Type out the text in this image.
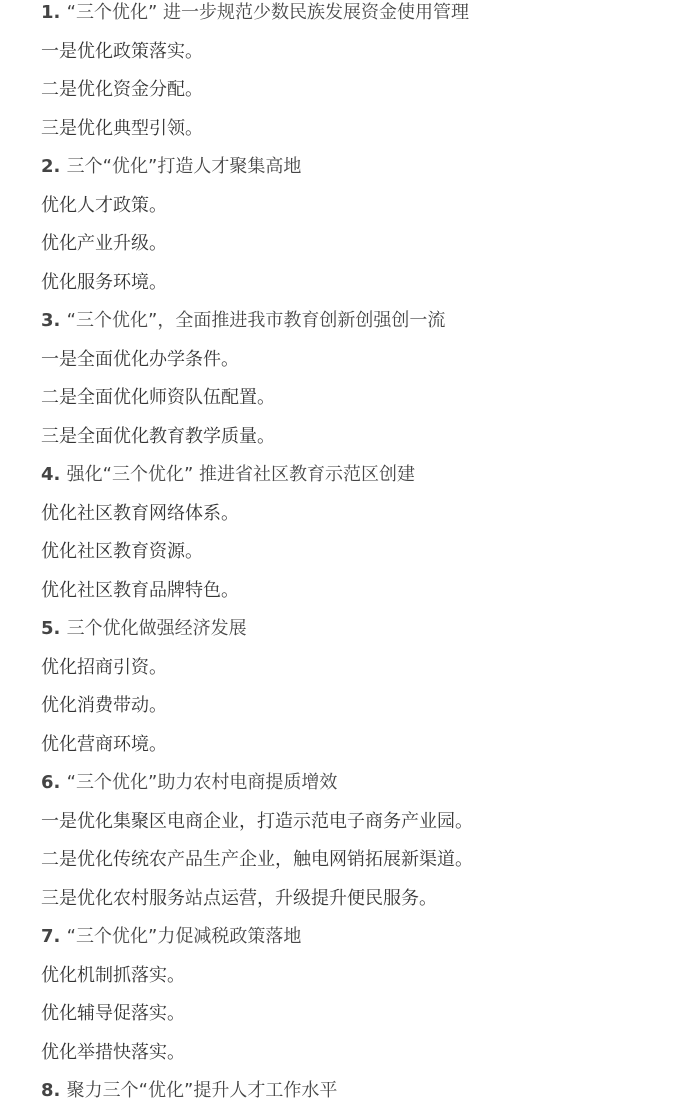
1. “三个优化” 进一步规范少数民族发展资金使用管理

一是优化政策落实。

二是优化资金分配。

三是优化典型引领。

2. 三个“优化”打造人才聚集高地

优化人才政策。

优化产业升级。

优化服务环境。

3. “三个优化”，全面推进我市教育创新创强创一流

一是全面优化办学条件。

二是全面优化师资队伍配置。

三是全面优化教育教学质量。

4. 强化“三个优化” 推进省社区教育示范区创建

优化社区教育网络体系。

优化社区教育资源。

优化社区教育品牌特色。

5. 三个优化做强经济发展

优化招商引资。

优化消费带动。

优化营商环境。

6. “三个优化”助力农村电商提质增效

一是优化集聚区电商企业，打造示范电子商务产业园。

二是优化传统农产品生产企业，触电网销拓展新渠道。

三是优化农村服务站点运营，升级提升便民服务。

7. “三个优化”力促减税政策落地

优化机制抓落实。

优化辅导促落实。

优化举措快落实。

8. 聚力三个“优化”提升人才工作水平
